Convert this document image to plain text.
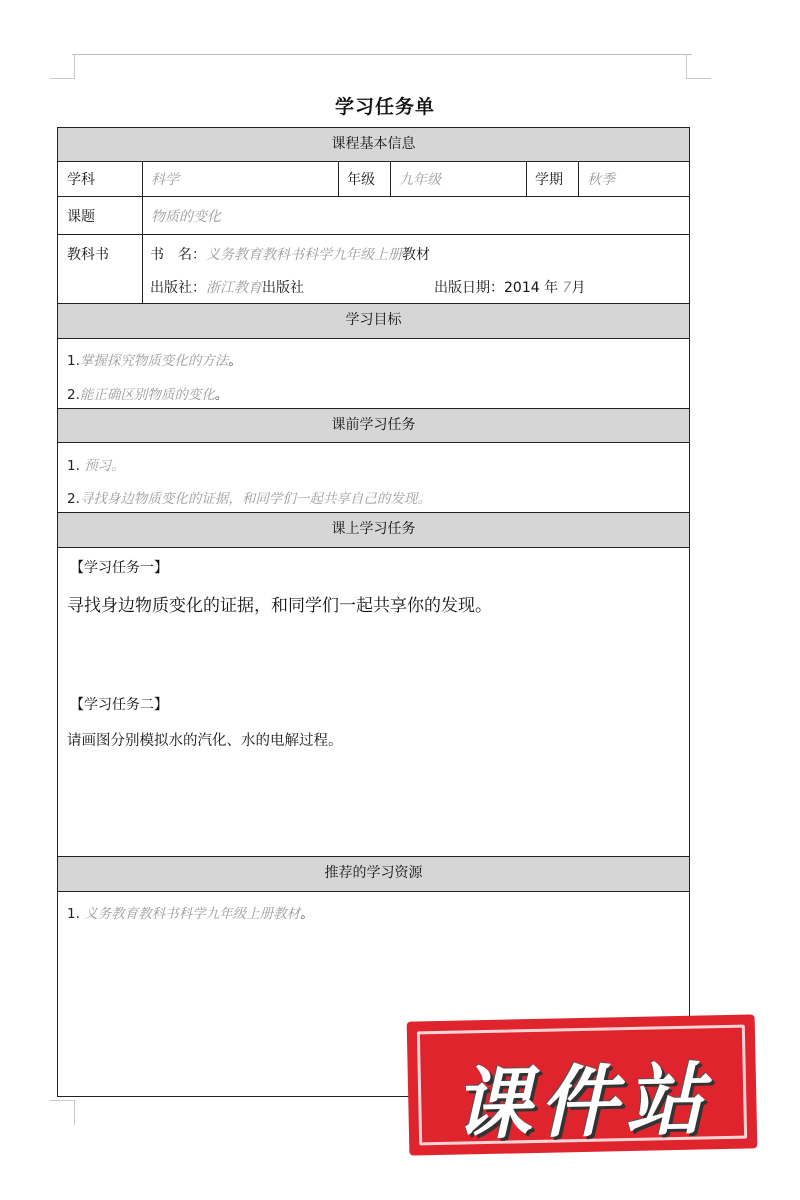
学习任务单
课程基本信息
学科	科学	年级	九年级	学期	秋季
课题	物质的变化
教科书	书　名：义务教育教科书科学九年级上册教材
出版社：浙江教育出版社	出版日期：2014 年 7月
学习目标
1.掌握探究物质变化的方法。
2.能正确区别物质的变化。
课前学习任务
1. 预习。
2.寻找身边物质变化的证据，和同学们一起共享自己的发现。
课上学习任务
【学习任务一】
寻找身边物质变化的证据，和同学们一起共享你的发现。
【学习任务二】
请画图分别模拟水的汽化、水的电解过程。
推荐的学习资源
1. 义务教育教科书科学九年级上册教材。
课件站
